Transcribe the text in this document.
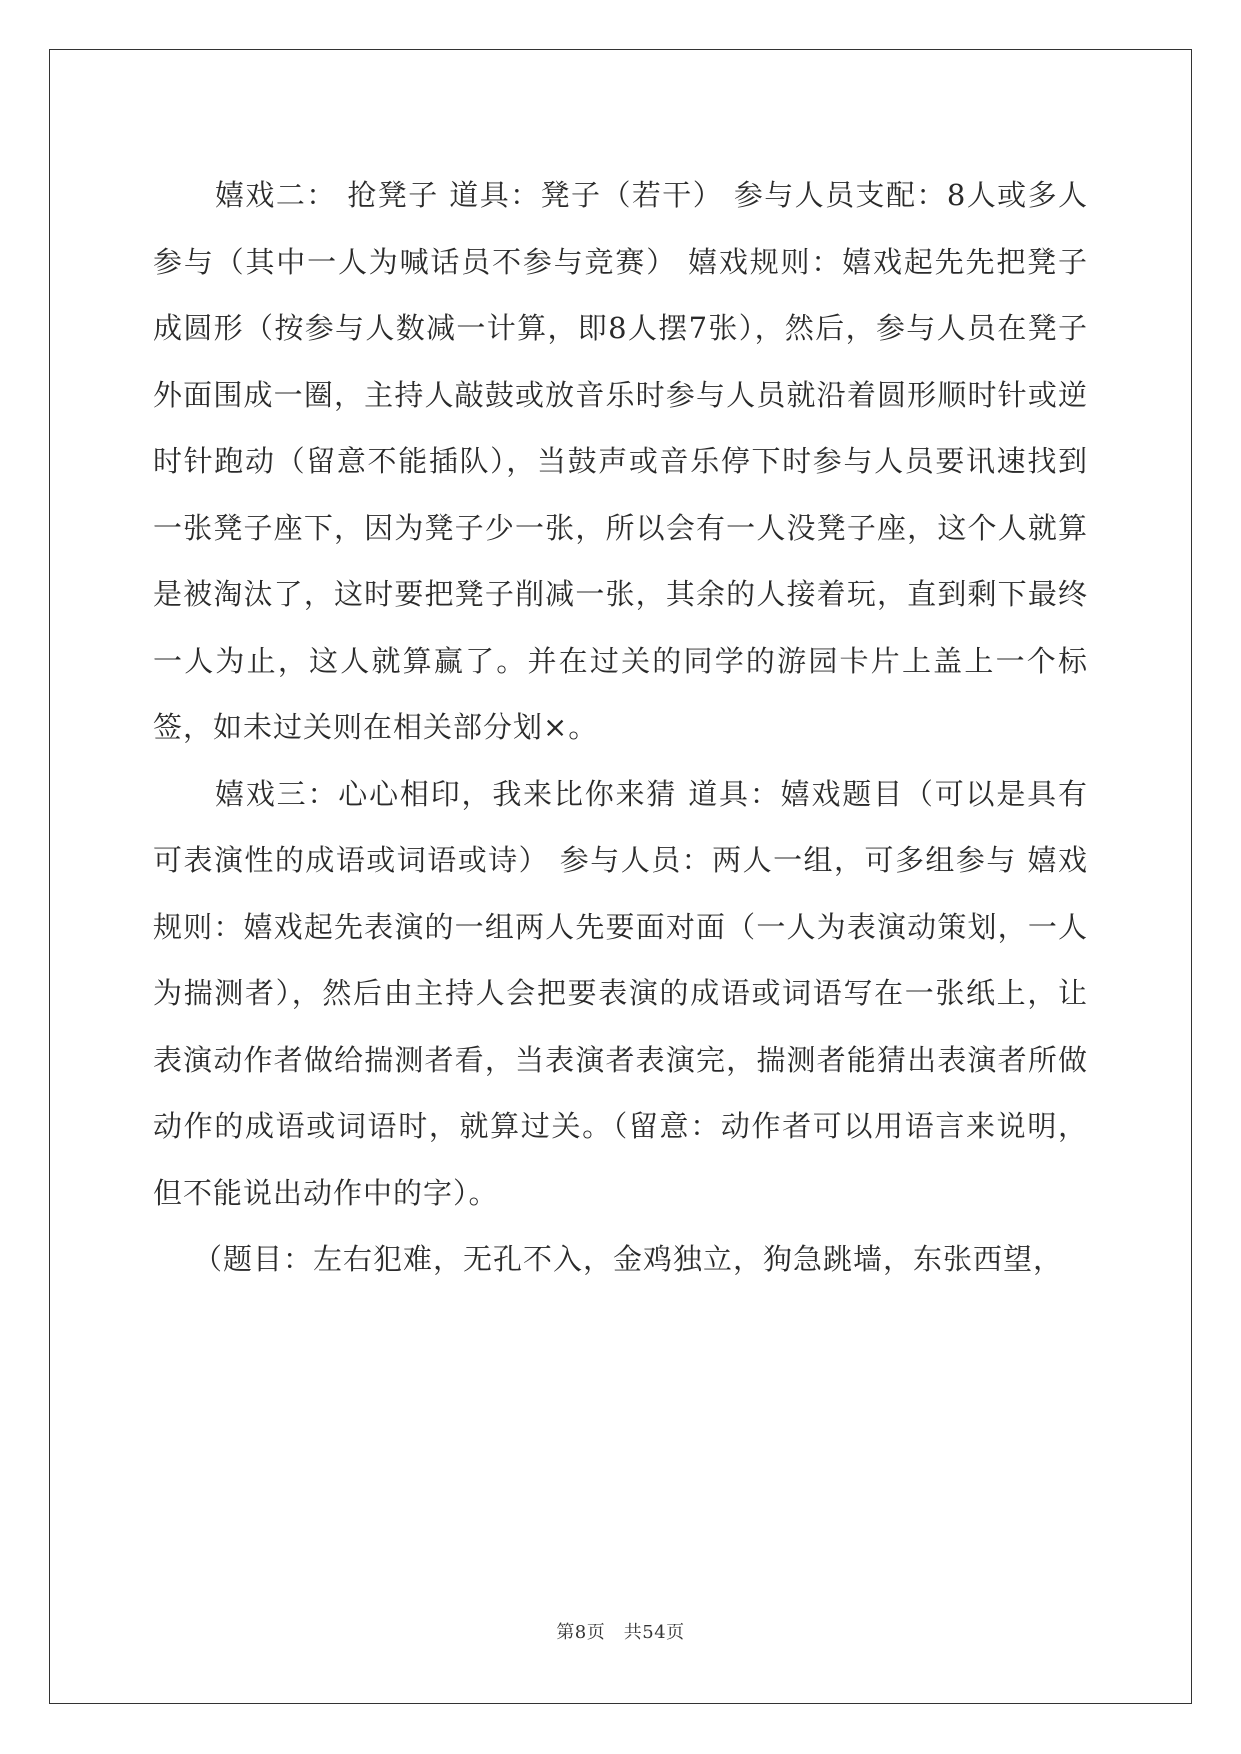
嬉戏二： 抢凳子 道具：凳子（若干） 参与人员支配：8人或多人参与（其中一人为喊话员不参与竞赛） 嬉戏规则：嬉戏起先先把凳子成圆形（按参与人数减一计算，即8人摆7张），然后，参与人员在凳子外面围成一圈，主持人敲鼓或放音乐时参与人员就沿着圆形顺时针或逆时针跑动（留意不能插队），当鼓声或音乐停下时参与人员要讯速找到一张凳子座下，因为凳子少一张，所以会有一人没凳子座，这个人就算是被淘汰了，这时要把凳子削减一张，其余的人接着玩，直到剩下最终一人为止，这人就算赢了。并在过关的同学的游园卡片上盖上一个标签，如未过关则在相关部分划×。

嬉戏三：心心相印，我来比你来猜 道具：嬉戏题目（可以是具有可表演性的成语或词语或诗） 参与人员：两人一组，可多组参与 嬉戏规则：嬉戏起先表演的一组两人先要面对面（一人为表演动策划，一人为揣测者），然后由主持人会把要表演的成语或词语写在一张纸上，让表演动作者做给揣测者看，当表演者表演完，揣测者能猜出表演者所做动作的成语或词语时，就算过关。（留意：动作者可以用语言来说明，但不能说出动作中的字）。

（题目：左右犯难，无孔不入，金鸡独立，狗急跳墙，东张西望，

第8页　共54页
